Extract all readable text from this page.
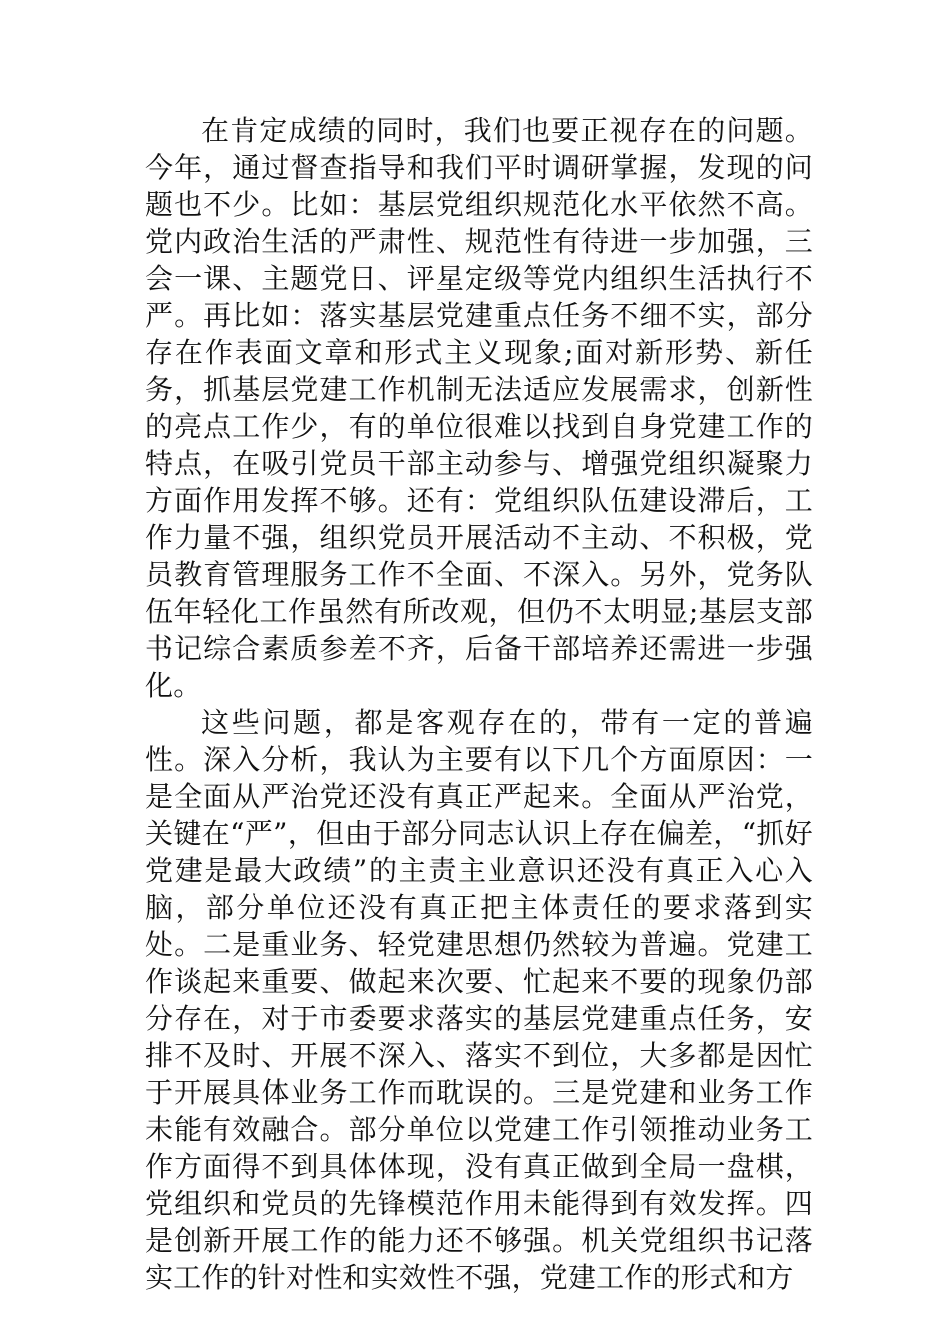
在肯定成绩的同时，我们也要正视存在的问题。今年，通过督查指导和我们平时调研掌握，发现的问题也不少。比如：基层党组织规范化水平依然不高。党内政治生活的严肃性、规范性有待进一步加强，三会一课、主题党日、评星定级等党内组织生活执行不严。再比如：落实基层党建重点任务不细不实，部分存在作表面文章和形式主义现象;面对新形势、新任务，抓基层党建工作机制无法适应发展需求，创新性的亮点工作少，有的单位很难以找到自身党建工作的特点，在吸引党员干部主动参与、增强党组织凝聚力方面作用发挥不够。还有：党组织队伍建设滞后，工作力量不强，组织党员开展活动不主动、不积极，党员教育管理服务工作不全面、不深入。另外，党务队伍年轻化工作虽然有所改观，但仍不太明显;基层支部书记综合素质参差不齐，后备干部培养还需进一步强化。

这些问题，都是客观存在的，带有一定的普遍性。深入分析，我认为主要有以下几个方面原因：一是全面从严治党还没有真正严起来。全面从严治党，关键在“严”，但由于部分同志认识上存在偏差，“抓好党建是最大政绩”的主责主业意识还没有真正入心入脑，部分单位还没有真正把主体责任的要求落到实处。二是重业务、轻党建思想仍然较为普遍。党建工作谈起来重要、做起来次要、忙起来不要的现象仍部分存在，对于市委要求落实的基层党建重点任务，安排不及时、开展不深入、落实不到位，大多都是因忙于开展具体业务工作而耽误的。三是党建和业务工作未能有效融合。部分单位以党建工作引领推动业务工作方面得不到具体体现，没有真正做到全局一盘棋，党组织和党员的先锋模范作用未能得到有效发挥。四是创新开展工作的能力还不够强。机关党组织书记落实工作的针对性和实效性不强，党建工作的形式和方
